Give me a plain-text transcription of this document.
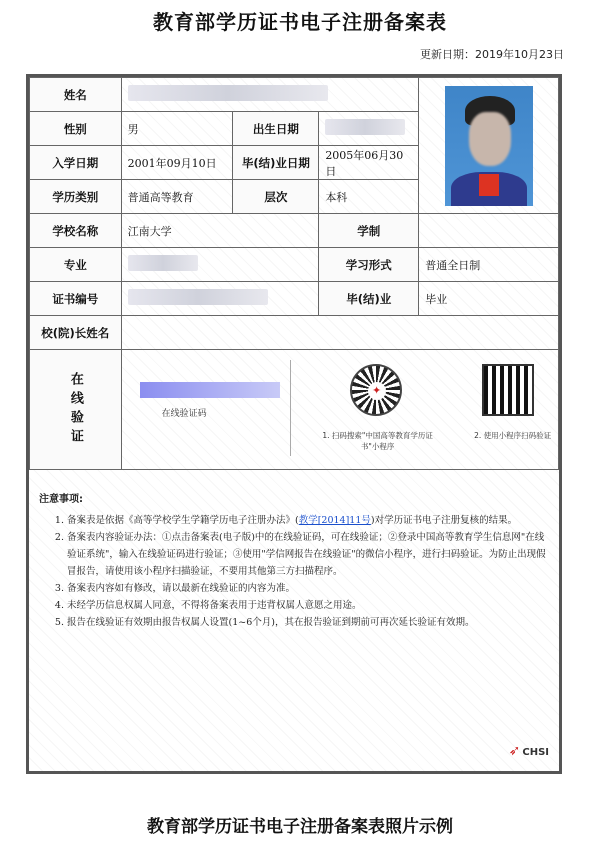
教育部学历证书电子注册备案表
更新日期：2019年10月23日
姓名				

性别	男	出生日期		
入学日期	2001年09月10日	毕(结)业日期	2005年06月30日	
学历类别	普通高等教育	层次	本科	
学校名称	江南大学		学制	
专业			学习形式	普通全日制
证书编号			毕(结)业	毕业
校(院)长姓名				

在线验证	在线验证码
✦
1. 扫码搜索"中国高等教育学历证书"小程序
2. 使用小程序扫码验证			
注意事项:
1. 备案表是依据《高等学校学生学籍学历电子注册办法》(教学[2014]11号)对学历证书电子注册复核的结果。
2. 备案表内容验证办法：①点击备案表(电子版)中的在线验证码，可在线验证；②登录中国高等教育学生信息网"在线验证系统"，输入在线验证码进行验证；③使用"学信网报告在线验证"的微信小程序，进行扫码验证。为防止出现假冒报告，请使用该小程序扫描验证，不要用其他第三方扫描程序。
3. 备案表内容如有修改，请以最新在线验证的内容为准。
4. 未经学历信息权属人同意，不得将备案表用于违背权属人意愿之用途。
5. 报告在线验证有效期由报告权属人设置(1~6个月)，其在报告验证到期前可再次延长验证有效期。
➶ CHSI
教育部学历证书电子注册备案表照片示例
